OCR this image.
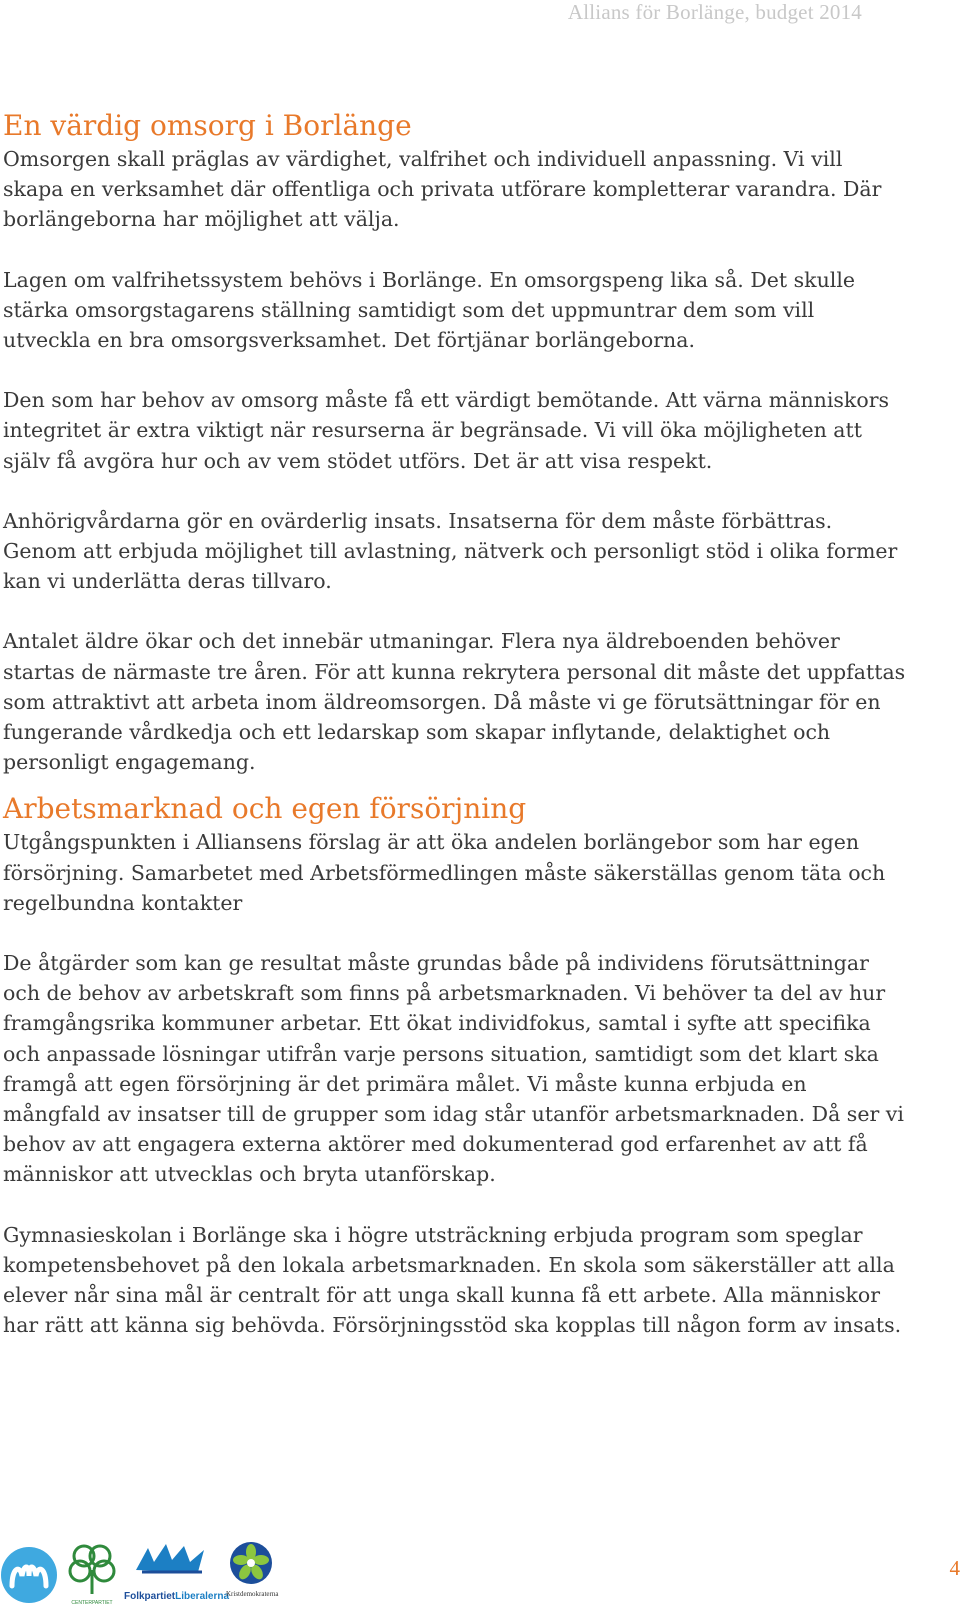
Allians för Borlänge, budget 2014
En värdig omsorg i Borlänge

Omsorgen skall präglas av värdighet, valfrihet och individuell anpassning. Vi vill skapa en verksamhet där offentliga och privata utförare kompletterar varandra. Där borlängeborna har möjlighet att välja.

Lagen om valfrihetssystem behövs i Borlänge. En omsorgspeng lika så. Det skulle stärka omsorgstagarens ställning samtidigt som det uppmuntrar dem som vill utveckla en bra omsorgsverksamhet. Det förtjänar borlängeborna.

Den som har behov av omsorg måste få ett värdigt bemötande. Att värna människors integritet är extra viktigt när resurserna är begränsade. Vi vill öka möjligheten att själv få avgöra hur och av vem stödet utförs. Det är att visa respekt.

Anhörigvårdarna gör en ovärderlig insats. Insatserna för dem måste förbättras. Genom att erbjuda möjlighet till avlastning, nätverk och personligt stöd i olika former kan vi underlätta deras tillvaro.

Antalet äldre ökar och det innebär utmaningar. Flera nya äldreboenden behöver startas de närmaste tre åren. För att kunna rekrytera personal dit måste det uppfattas som attraktivt att arbeta inom äldreomsorgen. Då måste vi ge förutsättningar för en fungerande vårdkedja och ett ledarskap som skapar inflytande, delaktighet och personligt engagemang.

Arbetsmarknad och egen försörjning

Utgångspunkten i Alliansens förslag är att öka andelen borlängebor som har egen försörjning. Samarbetet med Arbetsförmedlingen måste säkerställas genom täta och regelbundna kontakter

De åtgärder som kan ge resultat måste grundas både på individens förutsättningar och de behov av arbetskraft som finns på arbetsmarknaden. Vi behöver ta del av hur framgångsrika kommuner arbetar. Ett ökat individfokus, samtal i syfte att specifika och anpassade lösningar utifrån varje persons situation, samtidigt som det klart ska framgå att egen försörjning är det primära målet. Vi måste kunna erbjuda en mångfald av insatser till de grupper som idag står utanför arbetsmarknaden. Då ser vi behov av att engagera externa aktörer med dokumenterad god erfarenhet av att få människor att utvecklas och bryta utanförskap.

Gymnasieskolan i Borlänge ska i högre utsträckning erbjuda program som speglar kompetensbehovet på den lokala arbetsmarknaden. En skola som säkerställer att alla elever når sina mål är centralt för att unga skall kunna få ett arbete. Alla människor har rätt att känna sig behövda. Försörjningsstöd ska kopplas till någon form av insats.

CENTERPARTIET
FolkpartietLiberalerna
Kristdemokraterna
4
